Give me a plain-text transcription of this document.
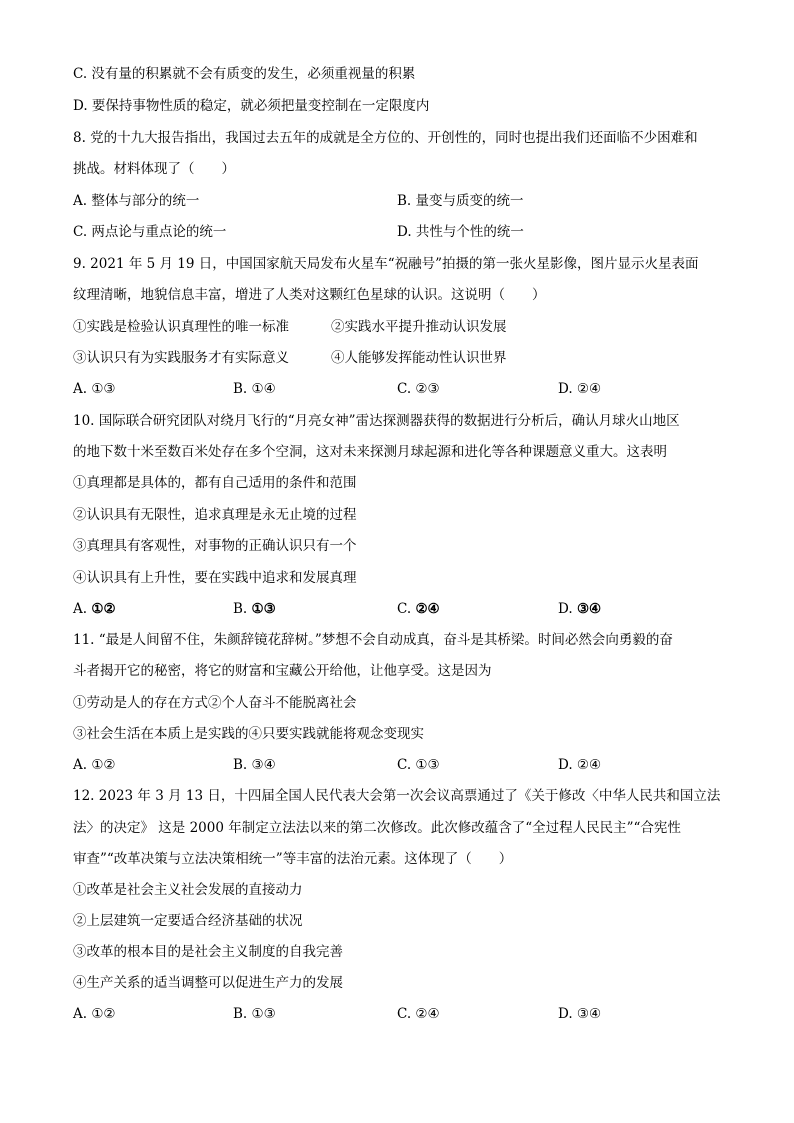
C. 没有量的积累就不会有质变的发生，必须重视量的积累
D. 要保持事物性质的稳定，就必须把量变控制在一定限度内
8. 党的十九大报告指出，我国过去五年的成就是全方位的、开创性的，同时也提出我们还面临不少困难和
挑战。材料体现了（　　）
A. 整体与部分的统一	B. 量变与质变的统一
C. 两点论与重点论的统一	D. 共性与个性的统一
9. 2021 年 5 月 19 日，中国国家航天局发布火星车“祝融号”拍摄的第一张火星影像，图片显示火星表面
纹理清晰，地貌信息丰富，增进了人类对这颗红色星球的认识。这说明（　　）
①实践是检验认识真理性的唯一标准	②实践水平提升推动认识发展
③认识只有为实践服务才有实际意义	④人能够发挥能动性认识世界
A. ①③	B. ①④	C. ②③	D. ②④
10. 国际联合研究团队对绕月飞行的“月亮女神”雷达探测器获得的数据进行分析后，确认月球火山地区
的地下数十米至数百米处存在多个空洞，这对未来探测月球起源和进化等各种课题意义重大。这表明
①真理都是具体的，都有自己适用的条件和范围
②认识具有无限性，追求真理是永无止境的过程
③真理具有客观性，对事物的正确认识只有一个
④认识具有上升性，要在实践中追求和发展真理
A. ①②	B. ①③	C. ②④	D. ③④
11. “最是人间留不住，朱颜辞镜花辞树。”梦想不会自动成真，奋斗是其桥梁。时间必然会向勇毅的奋
斗者揭开它的秘密，将它的财富和宝藏公开给他，让他享受。这是因为
①劳动是人的存在方式②个人奋斗不能脱离社会
③社会生活在本质上是实践的④只要实践就能将观念变现实
A. ①②	B. ③④	C. ①③	D. ②④
12. 2023 年 3 月 13 日，十四届全国人民代表大会第一次会议高票通过了《关于修改〈中华人民共和国立法
法〉的决定》 这是 2000 年制定立法法以来的第二次修改。此次修改蕴含了“全过程人民民主”“合宪性
审查”“改革决策与立法决策相统一”等丰富的法治元素。这体现了（　　）
①改革是社会主义社会发展的直接动力
②上层建筑一定要适合经济基础的状况
③改革的根本目的是社会主义制度的自我完善
④生产关系的适当调整可以促进生产力的发展
A. ①②	B. ①③	C. ②④	D. ③④
